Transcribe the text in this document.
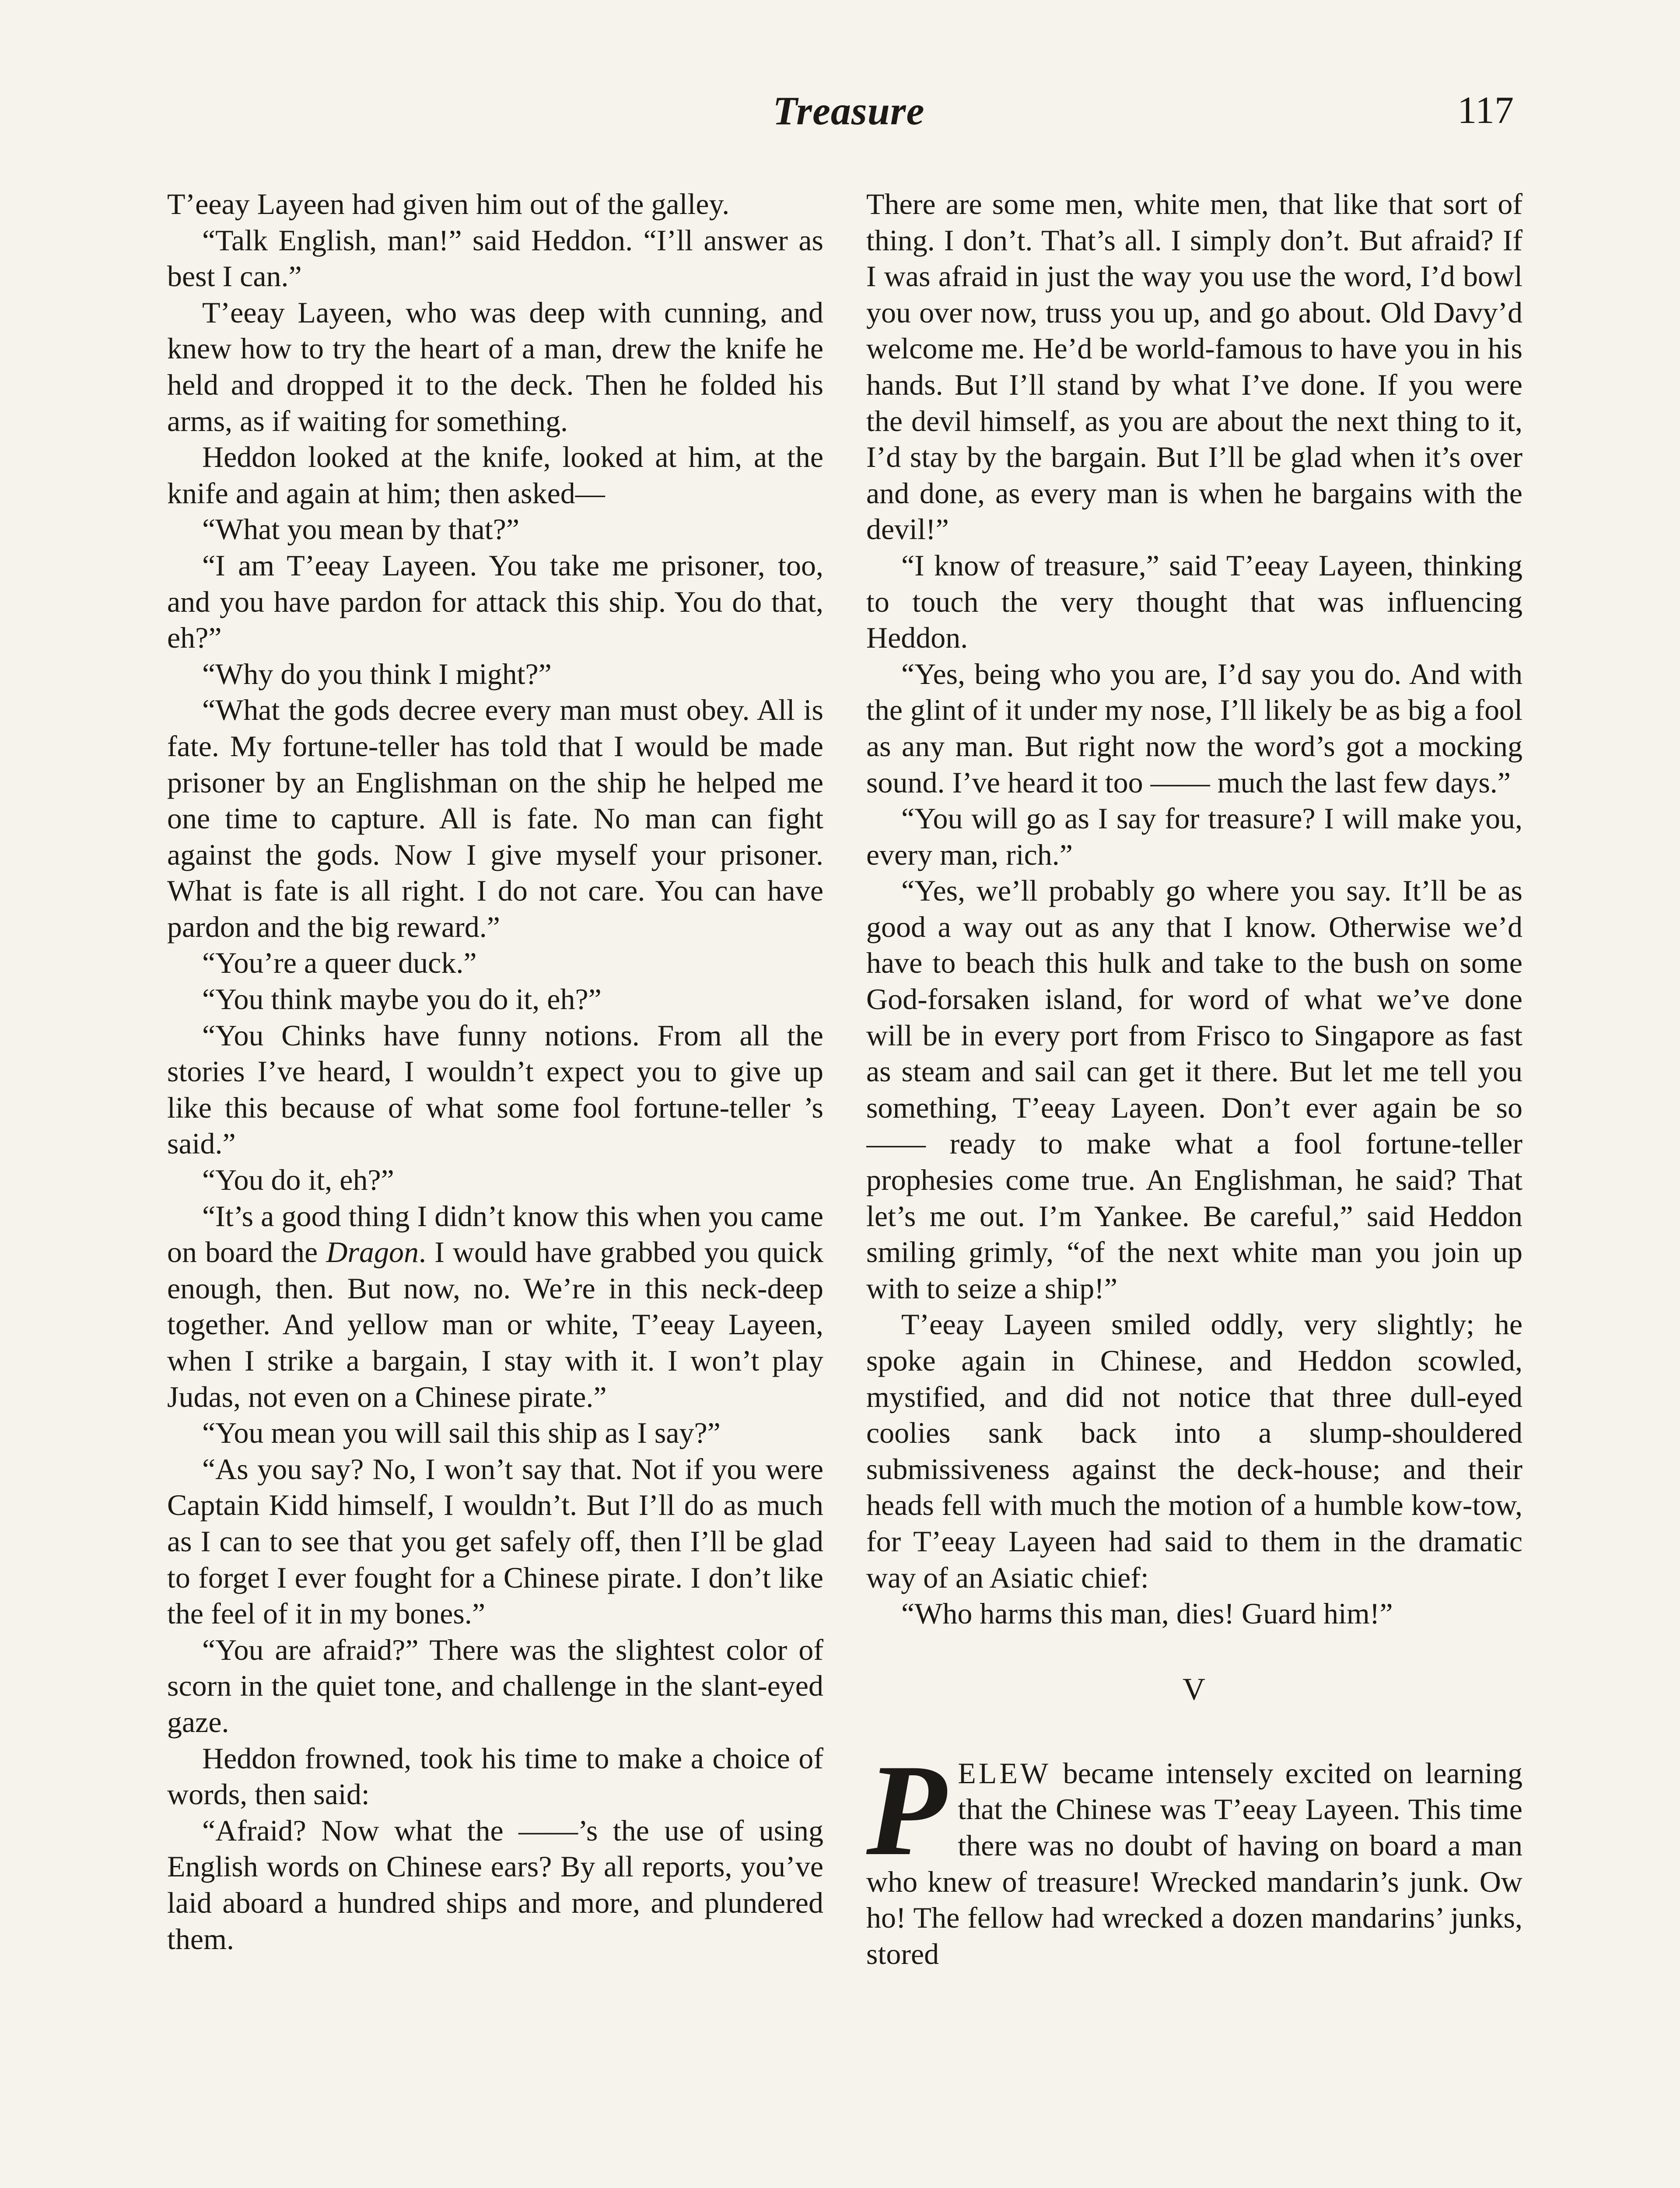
Treasure	117

T’eeay Layeen had given him out of the galley.

“Talk English, man!” said Heddon. “I’ll answer as best I can.”

T’eeay Layeen, who was deep with cunning, and knew how to try the heart of a man, drew the knife he held and dropped it to the deck. Then he folded his arms, as if waiting for something.

Heddon looked at the knife, looked at him, at the knife and again at him; then asked—

“What you mean by that?”

“I am T’eeay Layeen. You take me prisoner, too, and you have pardon for attack this ship. You do that, eh?”

“Why do you think I might?”

“What the gods decree every man must obey. All is fate. My fortune-teller has told that I would be made prisoner by an Englishman on the ship he helped me one time to capture. All is fate. No man can fight against the gods. Now I give myself your prisoner. What is fate is all right. I do not care. You can have pardon and the big reward.”

“You’re a queer duck.”

“You think maybe you do it, eh?”

“You Chinks have funny notions. From all the stories I’ve heard, I wouldn’t expect you to give up like this because of what some fool fortune-teller ’s said.”

“You do it, eh?”

“It’s a good thing I didn’t know this when you came on board the Dragon. I would have grabbed you quick enough, then. But now, no. We’re in this neck-deep together. And yellow man or white, T’eeay Layeen, when I strike a bargain, I stay with it. I won’t play Judas, not even on a Chinese pirate.”

“You mean you will sail this ship as I say?”

“As you say? No, I won’t say that. Not if you were Captain Kidd himself, I wouldn’t. But I’ll do as much as I can to see that you get safely off, then I’ll be glad to forget I ever fought for a Chinese pirate. I don’t like the feel of it in my bones.”

“You are afraid?” There was the slightest color of scorn in the quiet tone, and challenge in the slant-eyed gaze.

Heddon frowned, took his time to make a choice of words, then said:

“Afraid? Now what the ——’s the use of using English words on Chinese ears? By all reports, you’ve laid aboard a hundred ships and more, and plundered them.

There are some men, white men, that like that sort of thing. I don’t. That’s all. I simply don’t. But afraid? If I was afraid in just the way you use the word, I’d bowl you over now, truss you up, and go about. Old Davy’d welcome me. He’d be world-famous to have you in his hands. But I’ll stand by what I’ve done. If you were the devil himself, as you are about the next thing to it, I’d stay by the bargain. But I’ll be glad when it’s over and done, as every man is when he bargains with the devil!”

“I know of treasure,” said T’eeay Layeen, thinking to touch the very thought that was influencing Heddon.

“Yes, being who you are, I’d say you do. And with the glint of it under my nose, I’ll likely be as big a fool as any man. But right now the word’s got a mocking sound. I’ve heard it too —— much the last few days.”

“You will go as I say for treasure? I will make you, every man, rich.”

“Yes, we’ll probably go where you say. It’ll be as good a way out as any that I know. Otherwise we’d have to beach this hulk and take to the bush on some God-forsaken island, for word of what we’ve done will be in every port from Frisco to Singapore as fast as steam and sail can get it there. But let me tell you something, T’eeay Layeen. Don’t ever again be so —— ready to make what a fool fortune-teller prophesies come true. An Englishman, he said? That let’s me out. I’m Yankee. Be careful,” said Heddon smiling grimly, “of the next white man you join up with to seize a ship!”

T’eeay Layeen smiled oddly, very slightly; he spoke again in Chinese, and Heddon scowled, mystified, and did not notice that three dull-eyed coolies sank back into a slump-shouldered submissiveness against the deck-house; and their heads fell with much the motion of a humble kow-tow, for T’eeay Layeen had said to them in the dramatic way of an Asiatic chief:

“Who harms this man, dies! Guard him!”

V

PELEW became intensely excited on learning that the Chinese was T’eeay Layeen. This time there was no doubt of having on board a man who knew of treasure! Wrecked mandarin’s junk. Ow ho! The fellow had wrecked a dozen mandarins’ junks, stored
